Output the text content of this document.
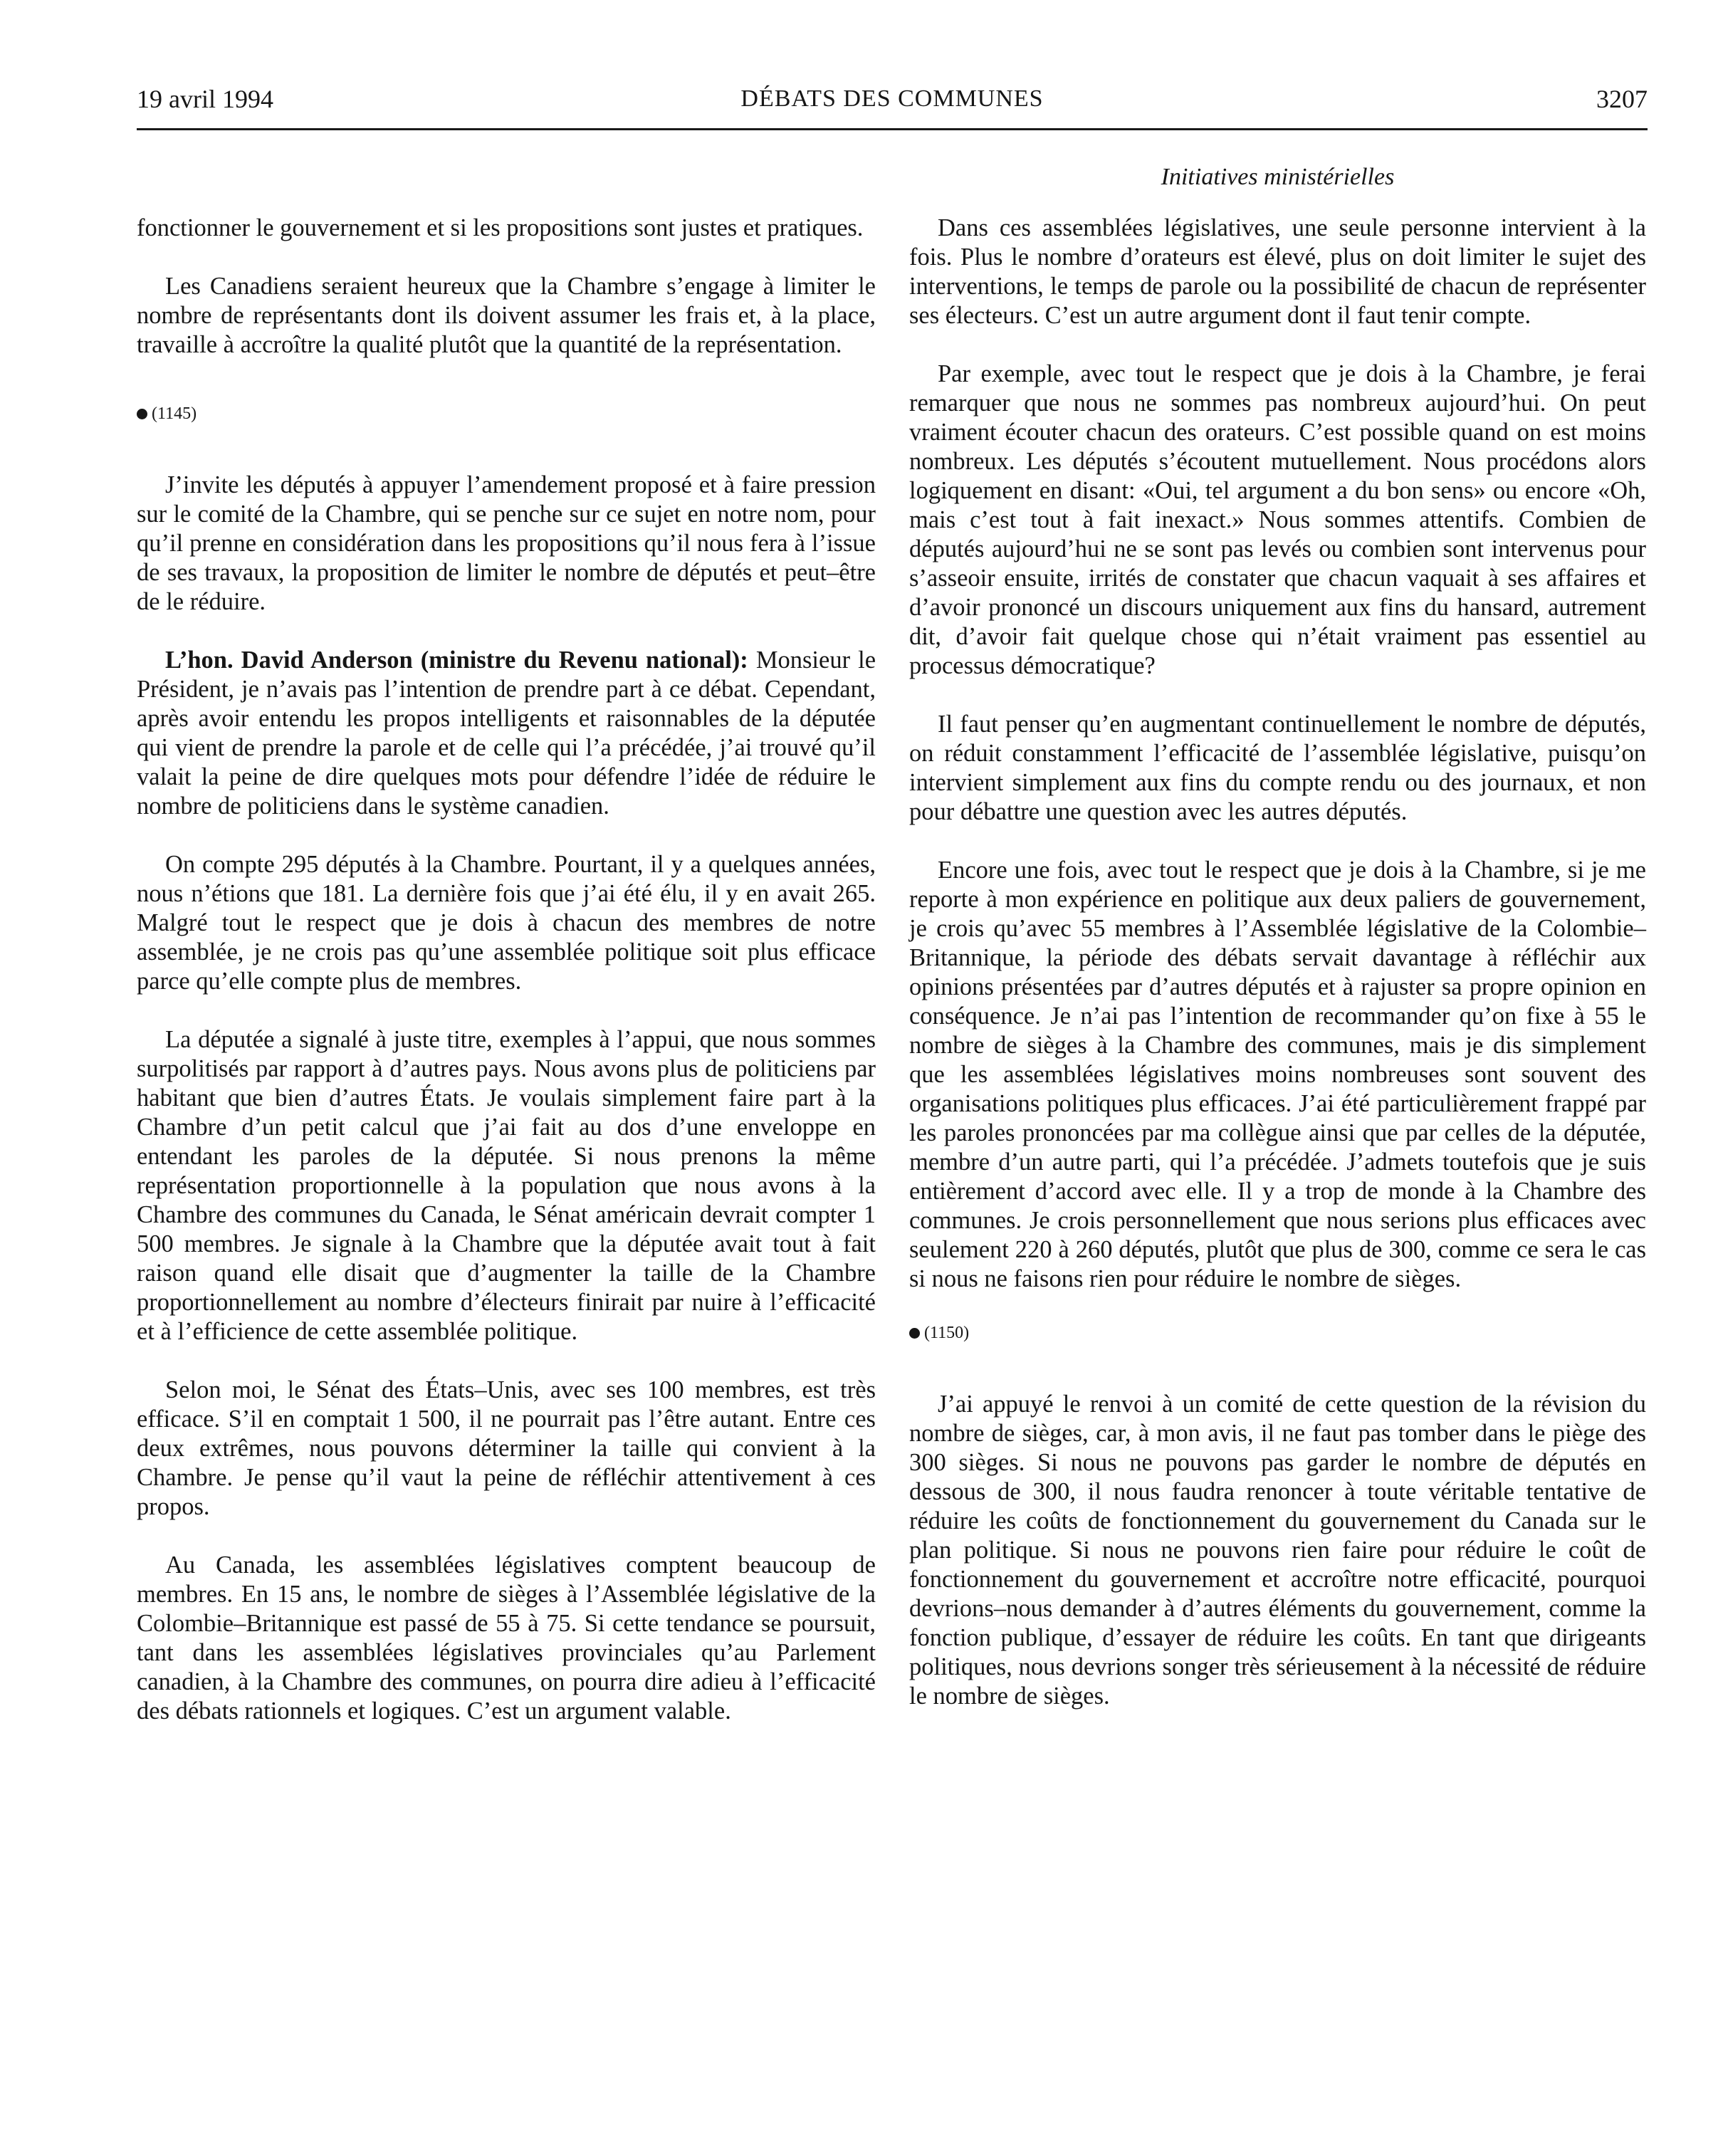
19 avril 1994	DÉBATS DES COMMUNES	3207
Initiatives ministérielles

fonctionner le gouvernement et si les propositions sont justes et pratiques.

Les Canadiens seraient heureux que la Chambre s’engage à limiter le nombre de représentants dont ils doivent assumer les frais et, à la place, travaille à accroître la qualité plutôt que la quantité de la représentation.

(1145)

J’invite les députés à appuyer l’amendement proposé et à faire pression sur le comité de la Chambre, qui se penche sur ce sujet en notre nom, pour qu’il prenne en considération dans les propositions qu’il nous fera à l’issue de ses travaux, la proposition de limiter le nombre de députés et peut–être de le réduire.

L’hon. David Anderson (ministre du Revenu national): Monsieur le Président, je n’avais pas l’intention de prendre part à ce débat. Cependant, après avoir entendu les propos intelligents et raisonnables de la députée qui vient de prendre la parole et de celle qui l’a précédée, j’ai trouvé qu’il valait la peine de dire quelques mots pour défendre l’idée de réduire le nombre de politiciens dans le système canadien.

On compte 295 députés à la Chambre. Pourtant, il y a quelques années, nous n’étions que 181. La dernière fois que j’ai été élu, il y en avait 265. Malgré tout le respect que je dois à chacun des membres de notre assemblée, je ne crois pas qu’une assemblée politique soit plus efficace parce qu’elle compte plus de membres.

La députée a signalé à juste titre, exemples à l’appui, que nous sommes surpolitisés par rapport à d’autres pays. Nous avons plus de politiciens par habitant que bien d’autres États. Je voulais simplement faire part à la Chambre d’un petit calcul que j’ai fait au dos d’une enveloppe en entendant les paroles de la députée. Si nous prenons la même représentation proportionnelle à la population que nous avons à la Chambre des communes du Canada, le Sénat américain devrait compter 1 500 membres. Je signale à la Chambre que la députée avait tout à fait raison quand elle disait que d’augmenter la taille de la Chambre proportionnellement au nombre d’électeurs finirait par nuire à l’efficacité et à l’efficience de cette assemblée politique.

Selon moi, le Sénat des États–Unis, avec ses 100 membres, est très efficace. S’il en comptait 1 500, il ne pourrait pas l’être autant. Entre ces deux extrêmes, nous pouvons déterminer la taille qui convient à la Chambre. Je pense qu’il vaut la peine de réfléchir attentivement à ces propos.

Au Canada, les assemblées législatives comptent beaucoup de membres. En 15 ans, le nombre de sièges à l’Assemblée législative de la Colombie–Britannique est passé de 55 à 75. Si cette tendance se poursuit, tant dans les assemblées législatives provinciales qu’au Parlement canadien, à la Chambre des communes, on pourra dire adieu à l’efficacité des débats rationnels et logiques. C’est un argument valable.

Dans ces assemblées législatives, une seule personne intervient à la fois. Plus le nombre d’orateurs est élevé, plus on doit limiter le sujet des interventions, le temps de parole ou la possibilité de chacun de représenter ses électeurs. C’est un autre argument dont il faut tenir compte.

Par exemple, avec tout le respect que je dois à la Chambre, je ferai remarquer que nous ne sommes pas nombreux aujourd’hui. On peut vraiment écouter chacun des orateurs. C’est possible quand on est moins nombreux. Les députés s’écoutent mutuellement. Nous procédons alors logiquement en disant: «Oui, tel argument a du bon sens» ou encore «Oh, mais c’est tout à fait inexact.» Nous sommes attentifs. Combien de députés aujourd’hui ne se sont pas levés ou combien sont intervenus pour s’asseoir ensuite, irrités de constater que chacun vaquait à ses affaires et d’avoir prononcé un discours uniquement aux fins du hansard, autrement dit, d’avoir fait quelque chose qui n’était vraiment pas essentiel au processus démocratique?

Il faut penser qu’en augmentant continuellement le nombre de députés, on réduit constamment l’efficacité de l’assemblée législative, puisqu’on intervient simplement aux fins du compte rendu ou des journaux, et non pour débattre une question avec les autres députés.

Encore une fois, avec tout le respect que je dois à la Chambre, si je me reporte à mon expérience en politique aux deux paliers de gouvernement, je crois qu’avec 55 membres à l’Assemblée législative de la Colombie–Britannique, la période des débats servait davantage à réfléchir aux opinions présentées par d’autres députés et à rajuster sa propre opinion en conséquence. Je n’ai pas l’intention de recommander qu’on fixe à 55 le nombre de sièges à la Chambre des communes, mais je dis simplement que les assemblées législatives moins nombreuses sont souvent des organisations politiques plus efficaces. J’ai été particulièrement frappé par les paroles prononcées par ma collègue ainsi que par celles de la députée, membre d’un autre parti, qui l’a précédée. J’admets toutefois que je suis entièrement d’accord avec elle. Il y a trop de monde à la Chambre des communes. Je crois personnellement que nous serions plus efficaces avec seulement 220 à 260 députés, plutôt que plus de 300, comme ce sera le cas si nous ne faisons rien pour réduire le nombre de sièges.

(1150)

J’ai appuyé le renvoi à un comité de cette question de la révision du nombre de sièges, car, à mon avis, il ne faut pas tomber dans le piège des 300 sièges. Si nous ne pouvons pas garder le nombre de députés en dessous de 300, il nous faudra renoncer à toute véritable tentative de réduire les coûts de fonctionnement du gouvernement du Canada sur le plan politique. Si nous ne pouvons rien faire pour réduire le coût de fonctionnement du gouvernement et accroître notre efficacité, pourquoi devrions–nous demander à d’autres éléments du gouvernement, comme la fonction publique, d’essayer de réduire les coûts. En tant que dirigeants politiques, nous devrions songer très sérieusement à la nécessité de réduire le nombre de sièges.
